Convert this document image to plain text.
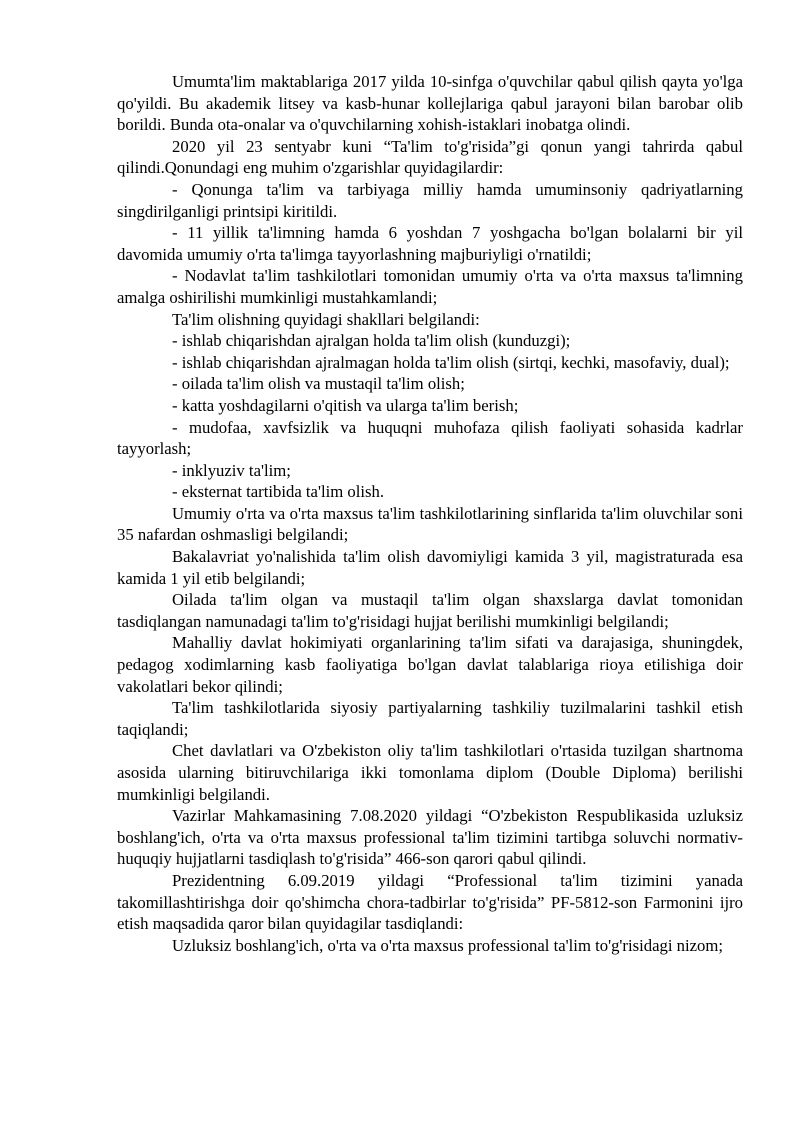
Umumta'lim maktablariga 2017 yilda 10-sinfga o'quvchilar qabul qilish qayta yo'lga qo'yildi. Bu akademik litsey va kasb-hunar kollejlariga qabul jarayoni bilan barobar olib borildi. Bunda ota-onalar va o'quvchilarning xohish-istaklari inobatga olindi.

2020 yil 23 sentyabr kuni “Ta'lim to'g'risida”gi qonun yangi tahrirda qabul qilindi.Qonundagi eng muhim o'zgarishlar quyidagilardir:

- Qonunga ta'lim va tarbiyaga milliy hamda umuminsoniy qadriyatlarning singdirilganligi printsipi kiritildi.

- 11 yillik ta'limning hamda 6 yoshdan 7 yoshgacha bo'lgan bolalarni bir yil davomida umumiy o'rta ta'limga tayyorlashning majburiyligi o'rnatildi;

- Nodavlat ta'lim tashkilotlari tomonidan umumiy o'rta va o'rta maxsus ta'limning amalga oshirilishi mumkinligi mustahkamlandi;

Ta'lim olishning quyidagi shakllari belgilandi:

- ishlab chiqarishdan ajralgan holda ta'lim olish (kunduzgi);

- ishlab chiqarishdan ajralmagan holda ta'lim olish (sirtqi, kechki, masofaviy, dual);

- oilada ta'lim olish va mustaqil ta'lim olish;

- katta yoshdagilarni o'qitish va ularga ta'lim berish;

- mudofaa, xavfsizlik va huquqni muhofaza qilish faoliyati sohasida kadrlar tayyorlash;

- inklyuziv ta'lim;

- eksternat tartibida ta'lim olish.

Umumiy o'rta va o'rta maxsus ta'lim tashkilotlarining sinflarida ta'lim oluvchilar soni 35 nafardan oshmasligi belgilandi;

Bakalavriat yo'nalishida ta'lim olish davomiyligi kamida 3 yil, magistraturada esa kamida 1 yil etib belgilandi;

Oilada ta'lim olgan va mustaqil ta'lim olgan shaxslarga davlat tomonidan tasdiqlangan namunadagi ta'lim to'g'risidagi hujjat berilishi mumkinligi belgilandi;

Mahalliy davlat hokimiyati organlarining ta'lim sifati va darajasiga, shuningdek, pedagog xodimlarning kasb faoliyatiga bo'lgan davlat talablariga rioya etilishiga doir vakolatlari bekor qilindi;

Ta'lim tashkilotlarida siyosiy partiyalarning tashkiliy tuzilmalarini tashkil etish taqiqlandi;

Chet davlatlari va O'zbekiston oliy ta'lim tashkilotlari o'rtasida tuzilgan shartnoma asosida ularning bitiruvchilariga ikki tomonlama diplom (Double Diploma) berilishi mumkinligi belgilandi.

Vazirlar Mahkamasining 7.08.2020 yildagi “O'zbekiston Respublikasida uzluksiz boshlang'ich, o'rta va o'rta maxsus professional ta'lim tizimini tartibga soluvchi normativ-huquqiy hujjatlarni tasdiqlash to'g'risida” 466-son qarori qabul qilindi.

Prezidentning 6.09.2019 yildagi “Professional ta'lim tizimini yanada takomillashtirishga doir qo'shimcha chora-tadbirlar to'g'risida” PF-5812-son Farmonini ijro etish maqsadida qaror bilan quyidagilar tasdiqlandi:

Uzluksiz boshlang'ich, o'rta va o'rta maxsus professional ta'lim to'g'risidagi nizom;
